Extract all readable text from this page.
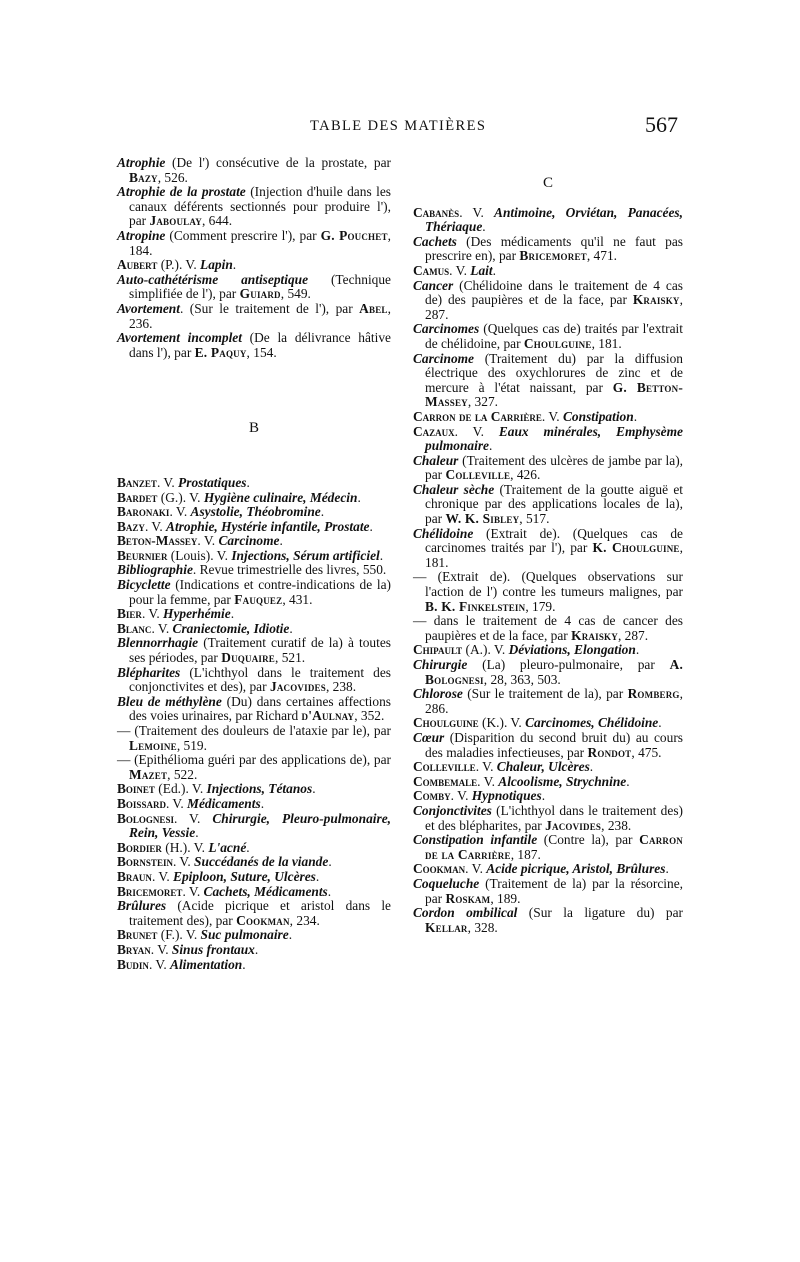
TABLE DES MATIÈRES	567

Atrophie (De l') consécutive de la prostate, par Bazy, 526.

Atrophie de la prostate (Injection d'huile dans les canaux déférents sectionnés pour produire l'), par Jaboulay, 644.

Atropine (Comment prescrire l'), par G. Pouchet, 184.

Aubert (P.). V. Lapin.

Auto-cathétérisme antiseptique (Technique simplifiée de l'), par Guiard, 549.

Avortement. (Sur le traitement de l'), par Abel, 236.

Avortement incomplet (De la délivrance hâtive dans l'), par E. Paquy, 154.

B

Banzet. V. Prostatiques.

Bardet (G.). V. Hygiène culinaire, Médecin.

Baronaki. V. Asystolie, Théobromine.

Bazy. V. Atrophie, Hystérie infantile, Prostate.

Beton-Massey. V. Carcinome.

Beurnier (Louis). V. Injections, Sérum artificiel.

Bibliographie. Revue trimestrielle des livres, 550.

Bicyclette (Indications et contre-indications de la) pour la femme, par Fauquez, 431.

Bier. V. Hyperhémie.

Blanc. V. Craniectomie, Idiotie.

Blennorrhagie (Traitement curatif de la) à toutes ses périodes, par Duquaire, 521.

Blépharites (L'ichthyol dans le traitement des conjonctivites et des), par Jacovides, 238.

Bleu de méthylène (Du) dans certaines affections des voies urinaires, par Richard d'Aulnay, 352.

— (Traitement des douleurs de l'ataxie par le), par Lemoine, 519.

— (Epithélioma guéri par des applications de), par Mazet, 522.

Boinet (Ed.). V. Injections, Tétanos.

Boissard. V. Médicaments.

Bolognesi. V. Chirurgie, Pleuro-pulmonaire, Rein, Vessie.

Bordier (H.). V. L'acné.

Bornstein. V. Succédanés de la viande.

Braun. V. Epiploon, Suture, Ulcères.

Bricemoret. V. Cachets, Médicaments.

Brûlures (Acide picrique et aristol dans le traitement des), par Cookman, 234.

Brunet (F.). V. Suc pulmonaire.

Bryan. V. Sinus frontaux.

Budin. V. Alimentation.

C

Cabanès. V. Antimoine, Orviétan, Panacées, Thériaque.

Cachets (Des médicaments qu'il ne faut pas prescrire en), par Bricemoret, 471.

Camus. V. Lait.

Cancer (Chélidoine dans le traitement de 4 cas de) des paupières et de la face, par Kraisky, 287.

Carcinomes (Quelques cas de) traités par l'extrait de chélidoine, par Choulguine, 181.

Carcinome (Traitement du) par la diffusion électrique des oxychlorures de zinc et de mercure à l'état naissant, par G. Betton-Massey, 327.

Carron de la Carrière. V. Constipation.

Cazaux. V. Eaux minérales, Emphysème pulmonaire.

Chaleur (Traitement des ulcères de jambe par la), par Colleville, 426.

Chaleur sèche (Traitement de la goutte aiguë et chronique par des applications locales de la), par W. K. Sibley, 517.

Chélidoine (Extrait de). (Quelques cas de carcinomes traités par l'), par K. Choulguine, 181.

— (Extrait de). (Quelques observations sur l'action de l') contre les tumeurs malignes, par B. K. Finkelstein, 179.

— dans le traitement de 4 cas de cancer des paupières et de la face, par Kraisky, 287.

Chipault (A.). V. Déviations, Elongation.

Chirurgie (La) pleuro-pulmonaire, par A. Bolognesi, 28, 363, 503.

Chlorose (Sur le traitement de la), par Romberg, 286.

Choulguine (K.). V. Carcinomes, Chélidoine.

Cœur (Disparition du second bruit du) au cours des maladies infectieuses, par Rondot, 475.

Colleville. V. Chaleur, Ulcères.

Combemale. V. Alcoolisme, Strychnine.

Comby. V. Hypnotiques.

Conjonctivites (L'ichthyol dans le traitement des) et des blépharites, par Jacovides, 238.

Constipation infantile (Contre la), par Carron de la Carrière, 187.

Cookman. V. Acide picrique, Aristol, Brûlures.

Coqueluche (Traitement de la) par la résorcine, par Roskam, 189.

Cordon ombilical (Sur la ligature du) par Kellar, 328.
